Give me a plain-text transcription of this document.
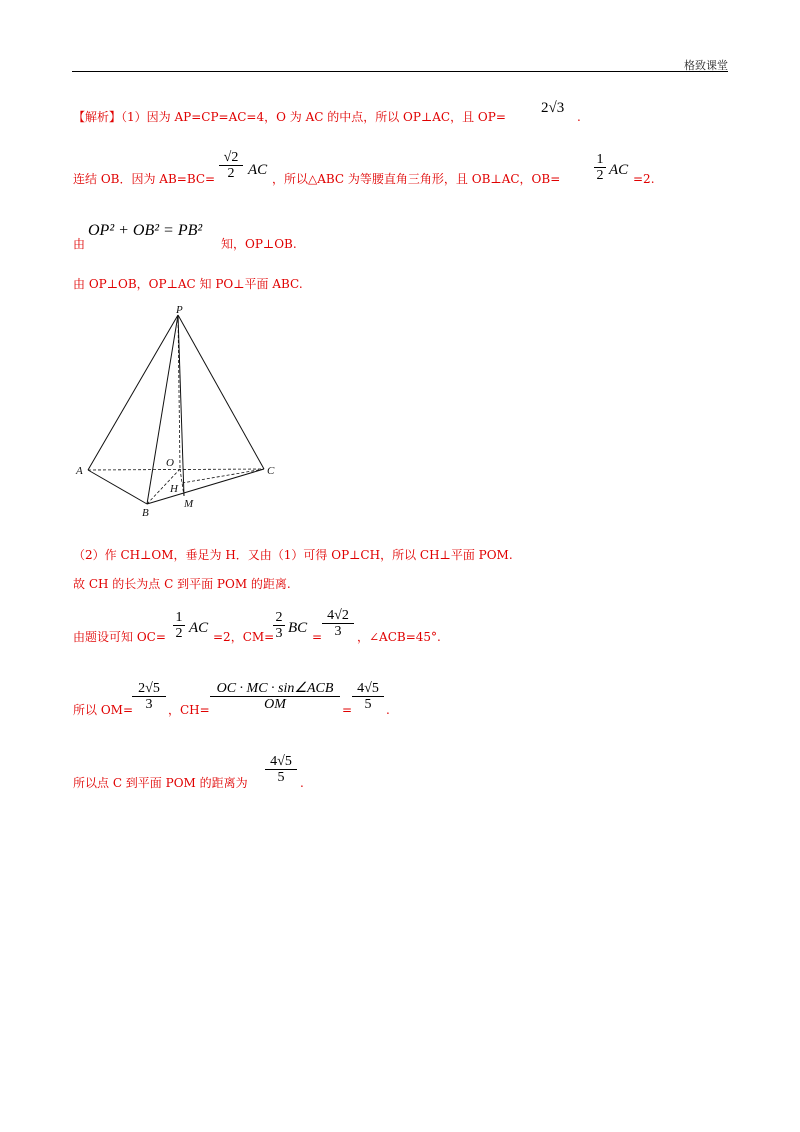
格致课堂
【解析】（1）因为 AP=CP=AC=4，O 为 AC 的中点，所以 OP⊥AC，且 OP=
2√3
.
连结 OB．因为 AB=BC=
√2
2 AC
，所以△ABC 为等腰直角三角形，且 OB⊥AC，OB=
1
2 AC
=2.
由
OP² + OB² = PB²
知，OP⊥OB.
由 OP⊥OB，OP⊥AC 知 PO⊥平面 ABC.
P
A	C
O
H
M
B
（2）作 CH⊥OM，垂足为 H．又由（1）可得 OP⊥CH，所以 CH⊥平面 POM.
故 CH 的长为点 C 到平面 POM 的距离.
由题设可知 OC=
1
2 AC
=2，CM=
2
3 BC
=
4√2
3	，∠ACB=45°.
所以 OM=
2√5
3	，CH=
OC · MC · sin∠ACB
OM	=
4√5
5	.
所以点 C 到平面 POM 的距离为
4√5
5	.
